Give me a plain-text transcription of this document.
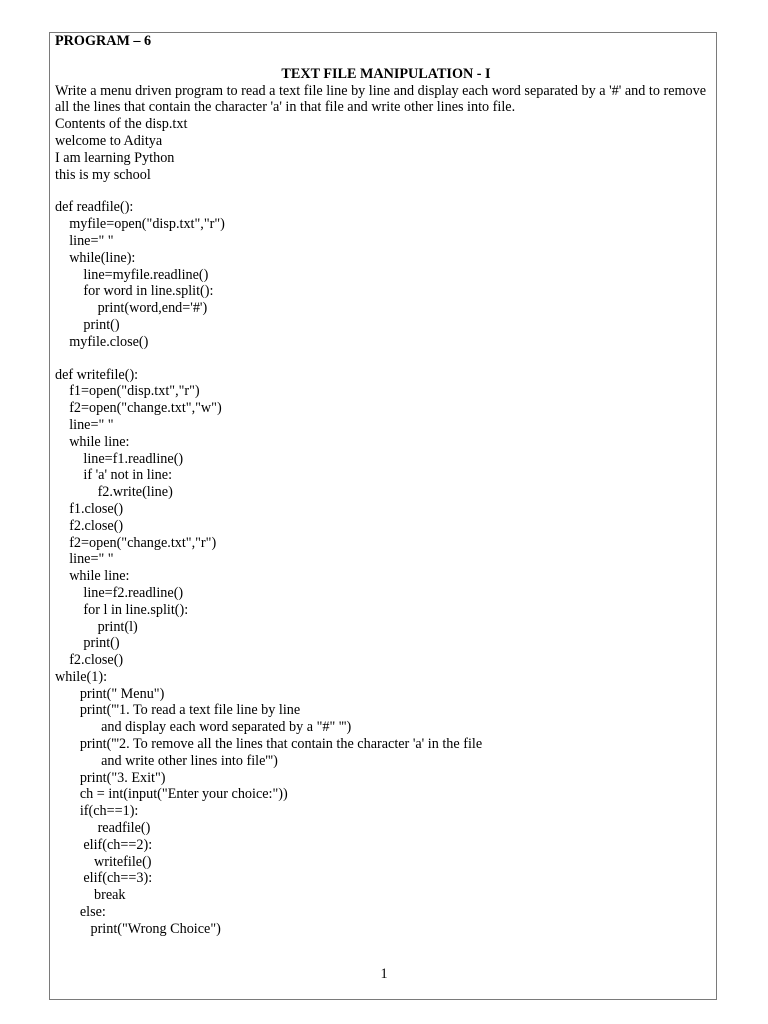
PROGRAM – 6
TEXT FILE MANIPULATION - I
Write a menu driven program to read a text file line by line and display each word separated by a '#' and to remove all the lines that contain the character 'a' in that file and write other lines into file.
Contents of the disp.txt
welcome to Aditya
I am learning Python
this is my school
def readfile():
myfile=open("disp.txt","r")
line=" "
while(line):
line=myfile.readline()
for word in line.split():
print(word,end='#')
print()
myfile.close()
def writefile():
f1=open("disp.txt","r")
f2=open("change.txt","w")
line=" "
while line:
line=f1.readline()
if 'a' not in line:
f2.write(line)
f1.close()
f2.close()
f2=open("change.txt","r")
line=" "
while line:
line=f2.readline()
for l in line.split():
print(l)
print()
f2.close()
while(1):
print(" Menu")
print('''1. To read a text file line by line
and display each word separated by a "#" ''')
print('''2. To remove all the lines that contain the character 'a' in the file
and write other lines into file''')
print("3. Exit")
ch = int(input("Enter your choice:"))
if(ch==1):
readfile()
elif(ch==2):
writefile()
elif(ch==3):
break
else:
print("Wrong Choice")
1
